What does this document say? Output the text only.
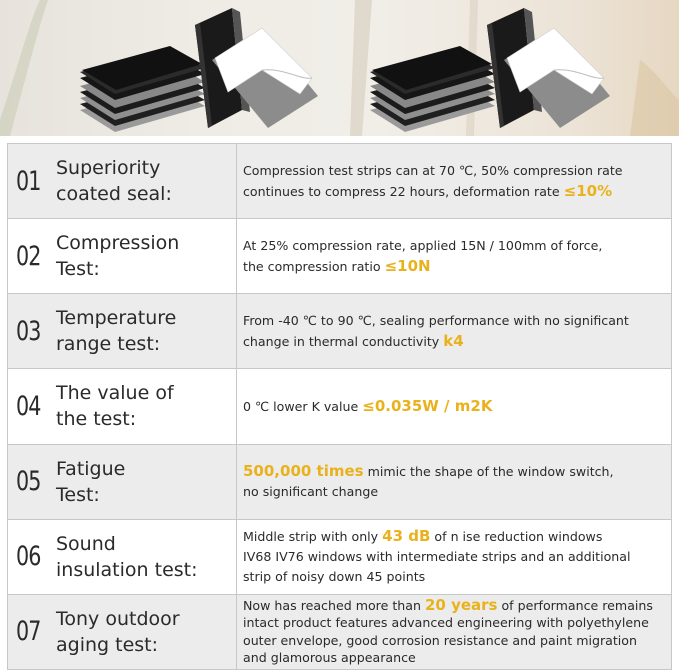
01 Superiority
coated seal:
Compression test strips can at 70 ℃, 50% compression rate
continues to compress 22 hours, deformation rate ≤10%
02 Compression
Test:
At 25% compression rate, applied 15N / 100mm of force,
the compression ratio ≤10N
03 Temperature
range test:
From -40 ℃ to 90 ℃, sealing performance with no significant
change in thermal conductivity k4
04 The value of
the test:
0 ℃ lower K value ≤0.035W / m2K
05 Fatigue
Test:
500,000 times mimic the shape of the window switch,
no significant change
06 Sound
insulation test:
Middle strip with only 43 dB of n ise reduction windows
IV68 IV76 windows with intermediate strips and an additional
strip of noisy down 45 points
07 Tony outdoor
aging test:
Now has reached more than 20 years of performance remains
intact product features advanced engineering with polyethylene
outer envelope, good corrosion resistance and paint migration
and glamorous appearance
